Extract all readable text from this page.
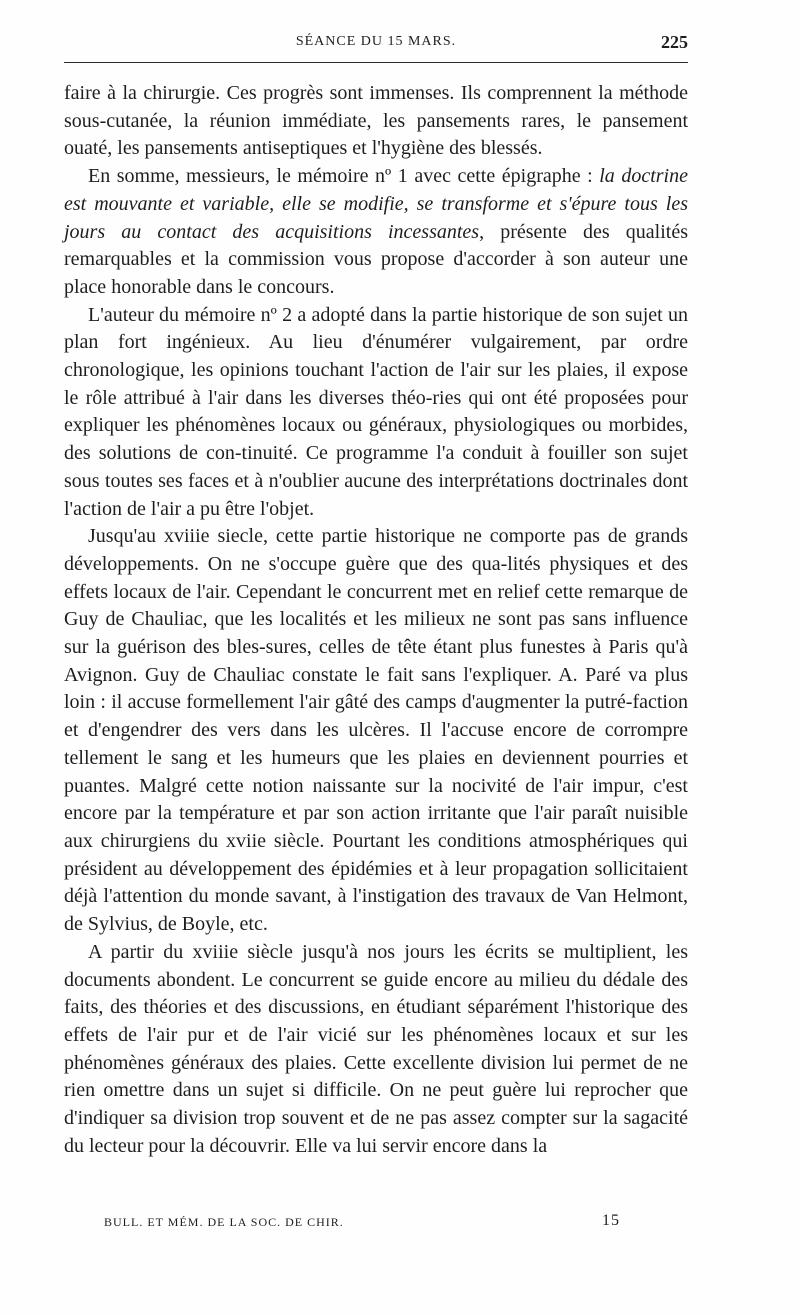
SÉANCE DU 15 MARS.	225

faire à la chirurgie. Ces progrès sont immenses. Ils comprennent la méthode sous-cutanée, la réunion immédiate, les pansements rares, le pansement ouaté, les pansements antiseptiques et l'hygiène des blessés.

En somme, messieurs, le mémoire nº 1 avec cette épigraphe : la doctrine est mouvante et variable, elle se modifie, se transforme et s'épure tous les jours au contact des acquisitions incessantes, présente des qualités remarquables et la commission vous propose d'accorder à son auteur une place honorable dans le concours.

L'auteur du mémoire nº 2 a adopté dans la partie historique de son sujet un plan fort ingénieux. Au lieu d'énumérer vulgairement, par ordre chronologique, les opinions touchant l'action de l'air sur les plaies, il expose le rôle attribué à l'air dans les diverses théo-ries qui ont été proposées pour expliquer les phénomènes locaux ou généraux, physiologiques ou morbides, des solutions de con-tinuité. Ce programme l'a conduit à fouiller son sujet sous toutes ses faces et à n'oublier aucune des interprétations doctrinales dont l'action de l'air a pu être l'objet.

Jusqu'au xviiie siecle, cette partie historique ne comporte pas de grands développements. On ne s'occupe guère que des qua-lités physiques et des effets locaux de l'air. Cependant le concurrent met en relief cette remarque de Guy de Chauliac, que les localités et les milieux ne sont pas sans influence sur la guérison des bles-sures, celles de tête étant plus funestes à Paris qu'à Avignon. Guy de Chauliac constate le fait sans l'expliquer. A. Paré va plus loin : il accuse formellement l'air gâté des camps d'augmenter la putré-faction et d'engendrer des vers dans les ulcères. Il l'accuse encore de corrompre tellement le sang et les humeurs que les plaies en deviennent pourries et puantes. Malgré cette notion naissante sur la nocivité de l'air impur, c'est encore par la température et par son action irritante que l'air paraît nuisible aux chirurgiens du xviie siècle. Pourtant les conditions atmosphériques qui président au développement des épidémies et à leur propagation sollicitaient déjà l'attention du monde savant, à l'instigation des travaux de Van Helmont, de Sylvius, de Boyle, etc.

A partir du xviiie siècle jusqu'à nos jours les écrits se multiplient, les documents abondent. Le concurrent se guide encore au milieu du dédale des faits, des théories et des discussions, en étudiant séparément l'historique des effets de l'air pur et de l'air vicié sur les phénomènes locaux et sur les phénomènes généraux des plaies. Cette excellente division lui permet de ne rien omettre dans un sujet si difficile. On ne peut guère lui reprocher que d'indiquer sa division trop souvent et de ne pas assez compter sur la sagacité du lecteur pour la découvrir. Elle va lui servir encore dans la

BULL. ET MÉM. DE LA SOC. DE CHIR.	15
